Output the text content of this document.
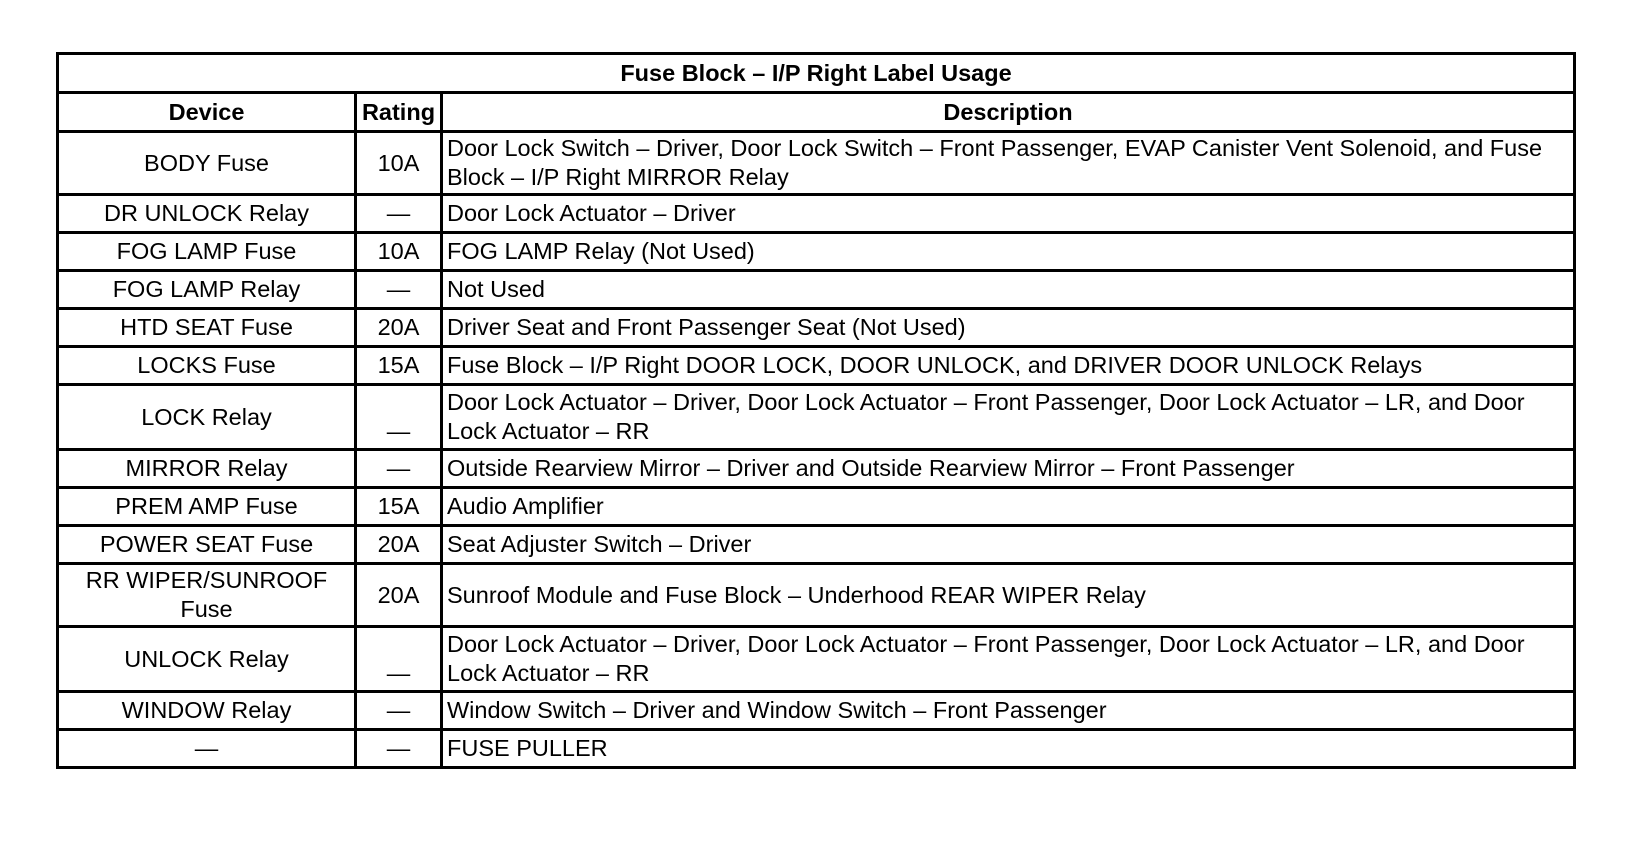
Fuse Block – I/P Right Label Usage		
Device	Rating	Description
BODY Fuse	10A	Door Lock Switch – Driver, Door Lock Switch – Front Passenger, EVAP Canister Vent Solenoid, and Fuse Block – I/P Right MIRROR Relay
DR UNLOCK Relay	—	Door Lock Actuator – Driver
FOG LAMP Fuse	10A	FOG LAMP Relay (Not Used)
FOG LAMP Relay	—	Not Used
HTD SEAT Fuse	20A	Driver Seat and Front Passenger Seat (Not Used)
LOCKS Fuse	15A	Fuse Block – I/P Right DOOR LOCK, DOOR UNLOCK, and DRIVER DOOR UNLOCK Relays
LOCK Relay	—	Door Lock Actuator – Driver, Door Lock Actuator – Front Passenger, Door Lock Actuator – LR, and Door Lock Actuator – RR
MIRROR Relay	—	Outside Rearview Mirror – Driver and Outside Rearview Mirror – Front Passenger
PREM AMP Fuse	15A	Audio Amplifier
POWER SEAT Fuse	20A	Seat Adjuster Switch – Driver
RR WIPER/SUNROOF Fuse	20A	Sunroof Module and Fuse Block – Underhood REAR WIPER Relay
UNLOCK Relay	—	Door Lock Actuator – Driver, Door Lock Actuator – Front Passenger, Door Lock Actuator – LR, and Door Lock Actuator – RR
WINDOW Relay	—	Window Switch – Driver and Window Switch – Front Passenger
—	—	FUSE PULLER
